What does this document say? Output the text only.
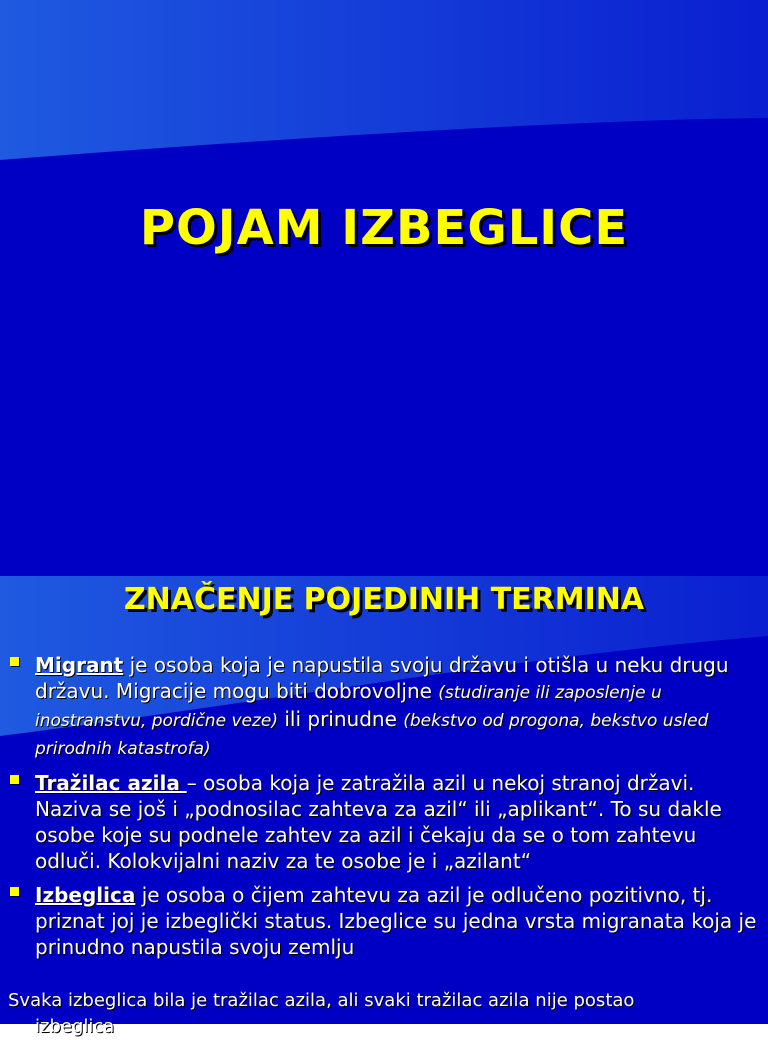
POJAM IZBEGLICE
ZNAČENJE POJEDINIH TERMINA
Migrant je osoba koja je napustila svoju državu i otišla u neku drugu državu. Migracije mogu biti dobrovoljne (studiranje ili zaposlenje u inostranstvu, pordične veze) ili prinudne (bekstvo od progona, bekstvo usled prirodnih katastrofa)
Tražilac azila – osoba koja je zatražila azil u nekoj stranoj državi. Naziva se još i „podnosilac zahteva za azil“ ili „aplikant“. To su dakle osobe koje su podnele zahtev za azil i čekaju da se o tom zahtevu odluči. Kolokvijalni naziv za te osobe je i „azilant“
Izbeglica je osoba o čijem zahtevu za azil je odlučeno pozitivno, tj. priznat joj je izbeglički status. Izbeglice su jedna vrsta migranata koja je prinudno napustila svoju zemlju
Svaka izbeglica bila je tražilac azila, ali svaki tražilac azila nije postao
izbeglica
